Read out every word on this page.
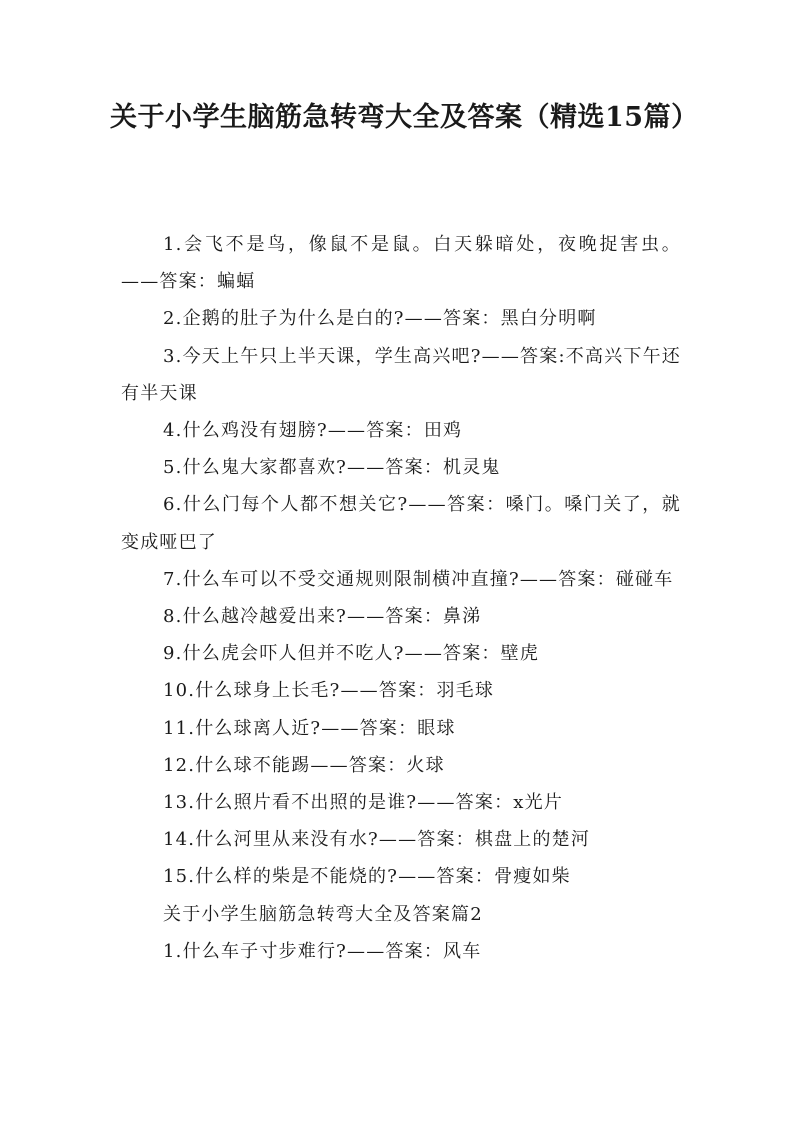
关于小学生脑筋急转弯大全及答案（精选15篇）

1.会飞不是鸟，像鼠不是鼠。白天躲暗处，夜晚捉害虫。——答案：蝙蝠

2.企鹅的肚子为什么是白的?——答案：黑白分明啊

3.今天上午只上半天课，学生高兴吧?——答案:不高兴下午还有半天课

4.什么鸡没有翅膀?——答案：田鸡

5.什么鬼大家都喜欢?——答案：机灵鬼

6.什么门每个人都不想关它?——答案：嗓门。嗓门关了，就变成哑巴了

7.什么车可以不受交通规则限制横冲直撞?——答案：碰碰车

8.什么越冷越爱出来?——答案：鼻涕

9.什么虎会吓人但并不吃人?——答案：壁虎

10.什么球身上长毛?——答案：羽毛球

11.什么球离人近?——答案：眼球

12.什么球不能踢——答案：火球

13.什么照片看不出照的是谁?——答案：x光片

14.什么河里从来没有水?——答案：棋盘上的楚河

15.什么样的柴是不能烧的?——答案：骨瘦如柴

关于小学生脑筋急转弯大全及答案篇2

1.什么车子寸步难行?——答案：风车
